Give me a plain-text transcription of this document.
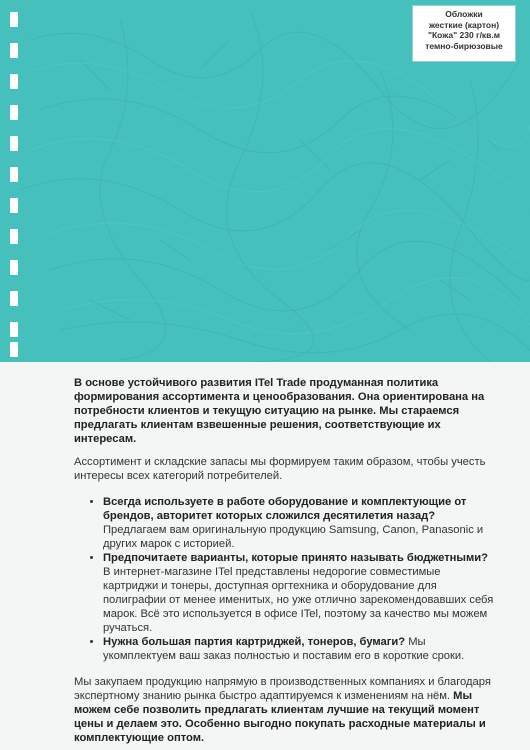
Обложки
жесткие (картон)
"Кожа" 230 г/кв.м
темно-бирюзовые

В основе устойчивого развития ITel Trade продуманная политика формирования ассортимента и ценообразования. Она ориентирована на потребности клиентов и текущую ситуацию на рынке. Мы стараемся предлагать клиентам взвешенные решения, соответствующие их интересам.

Ассортимент и складские запасы мы формируем таким образом, чтобы учесть интересы всех категорий потребителей.

• Всегда используете в работе оборудование и комплектующие от брендов, авторитет которых сложился десятилетия назад?Предлагаем вам оригинальную продукцию Samsung, Canon, Panasonic и других марок с историей.
• Предпочитаете варианты, которые принято называть бюджетными? В интернет-магазине ITel представлены недорогие совместимые картриджи и тонеры, доступная оргтехника и оборудование для полиграфии от менее именитых, но уже отлично зарекомендовавших себя марок. Всё это используется в офисе ITel, поэтому за качество мы можем ручаться.
• Нужна большая партия картриджей, тонеров, бумаги? Мы укомплектуем ваш заказ полностью и поставим его в короткие сроки.

Мы закупаем продукцию напрямую в производственных компаниях и благодаря экспертному знанию рынка быстро адаптируемся к изменениям на нём. Мы можем себе позволить предлагать клиентам лучшие на текущий момент цены и делаем это. Особенно выгодно покупать расходные материалы и комплектующие оптом.
